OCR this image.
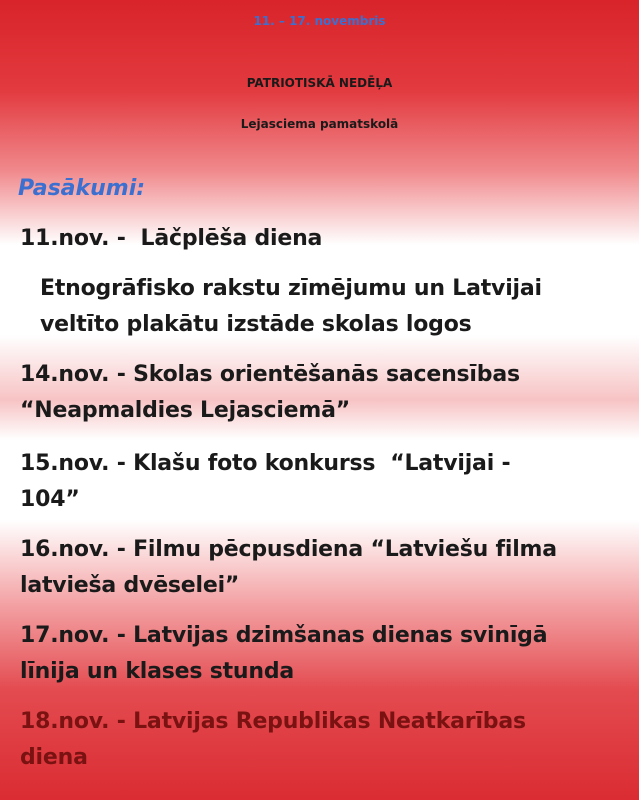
11. – 17. novembris
PATRIOTISKĀ NEDĒĻA
Lejasciema pamatskolā
Pasākumi:
11.nov. -  Lāčplēša diena
Etnogrāfisko rakstu zīmējumu un Latvijai
veltīto plakātu izstāde skolas logos
14.nov. - Skolas orientēšanās sacensības
“Neapmaldies Lejasciemā”
15.nov. - Klašu foto konkurss  “Latvijai -
104”
16.nov. - Filmu pēcpusdiena “Latviešu filma
latvieša dvēselei”
17.nov. - Latvijas dzimšanas dienas svinīgā
līnija un klases stunda
18.nov. - Latvijas Republikas Neatkarības
diena
